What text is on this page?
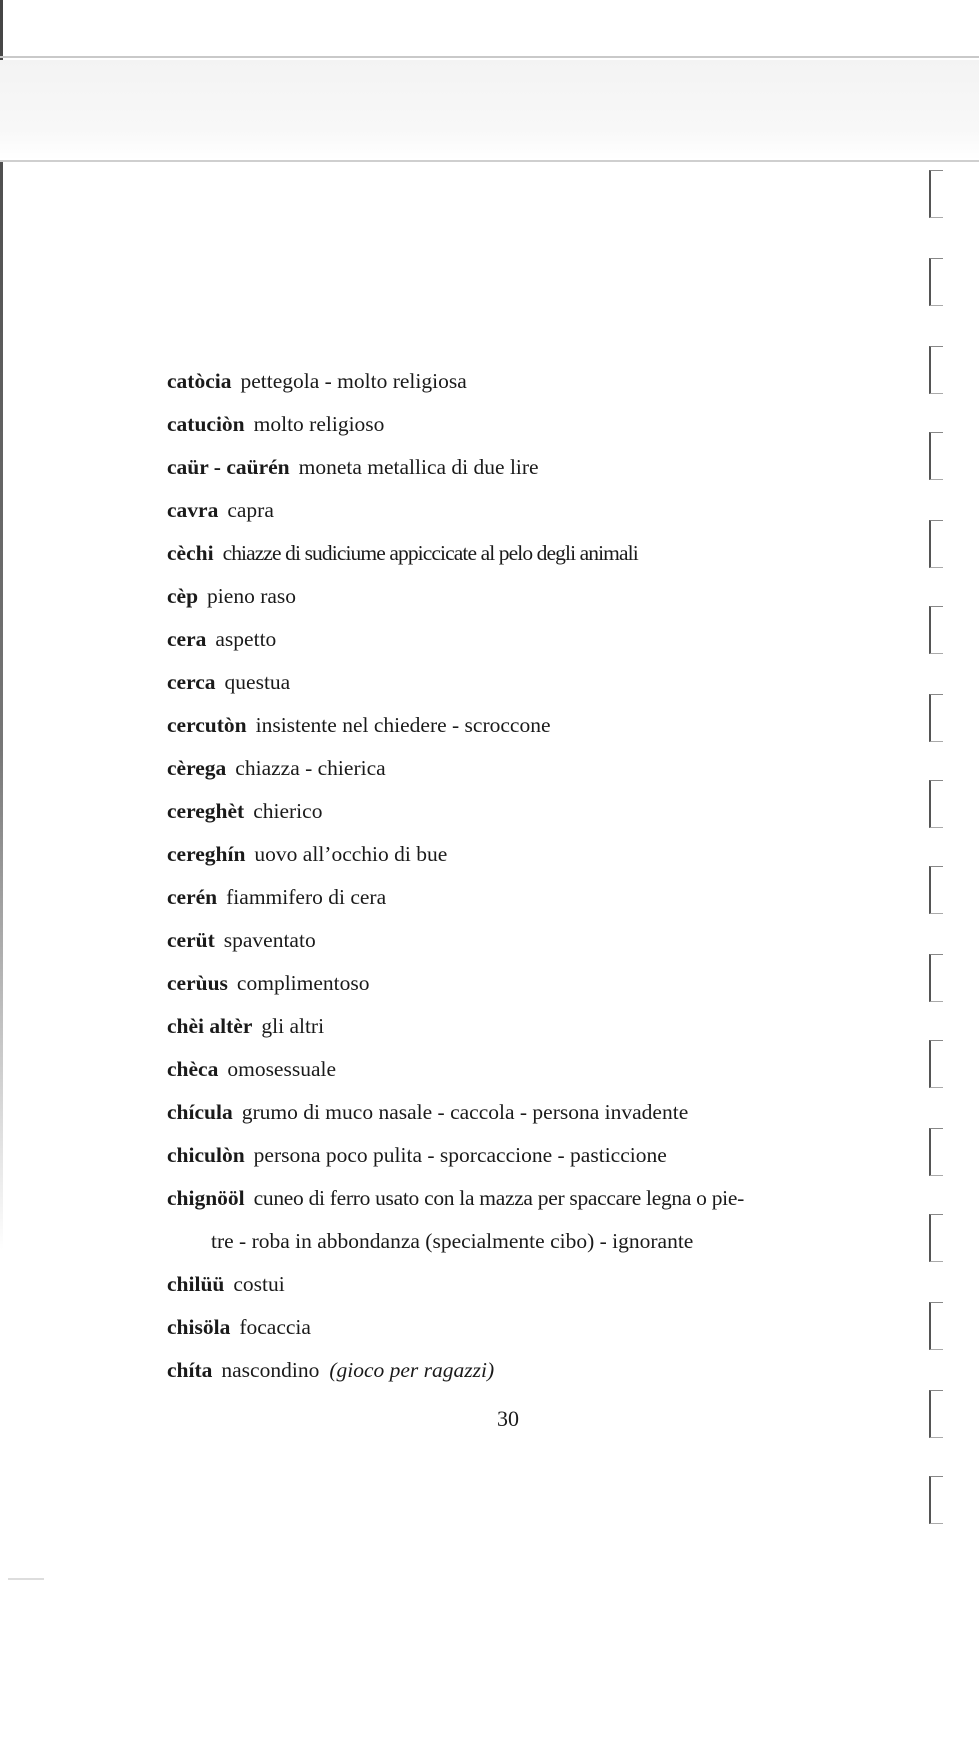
catòcia pettegola - molto religiosa
catuciòn molto religioso
caür - caürén moneta metallica di due lire
cavra capra
cèchi chiazze di sudiciume appiccicate al pelo degli animali
cèp pieno raso
cera aspetto
cerca questua
cercutòn insistente nel chiedere - scroccone
cèrega chiazza - chierica
cereghèt chierico
cereghín uovo all’occhio di bue
cerén fiammifero di cera
cerüt spaventato
cerùus complimentoso
chèi altèr gli altri
chèca omosessuale
chícula grumo di muco nasale - caccola - persona invadente
chiculòn persona poco pulita - sporcaccione - pasticcione
chignööl cuneo di ferro usato con la mazza per spaccare legna o pie-
tre - roba in abbondanza (specialmente cibo) - ignorante
chilüü costui
chisöla focaccia
chíta nascondino (gioco per ragazzi)
30
